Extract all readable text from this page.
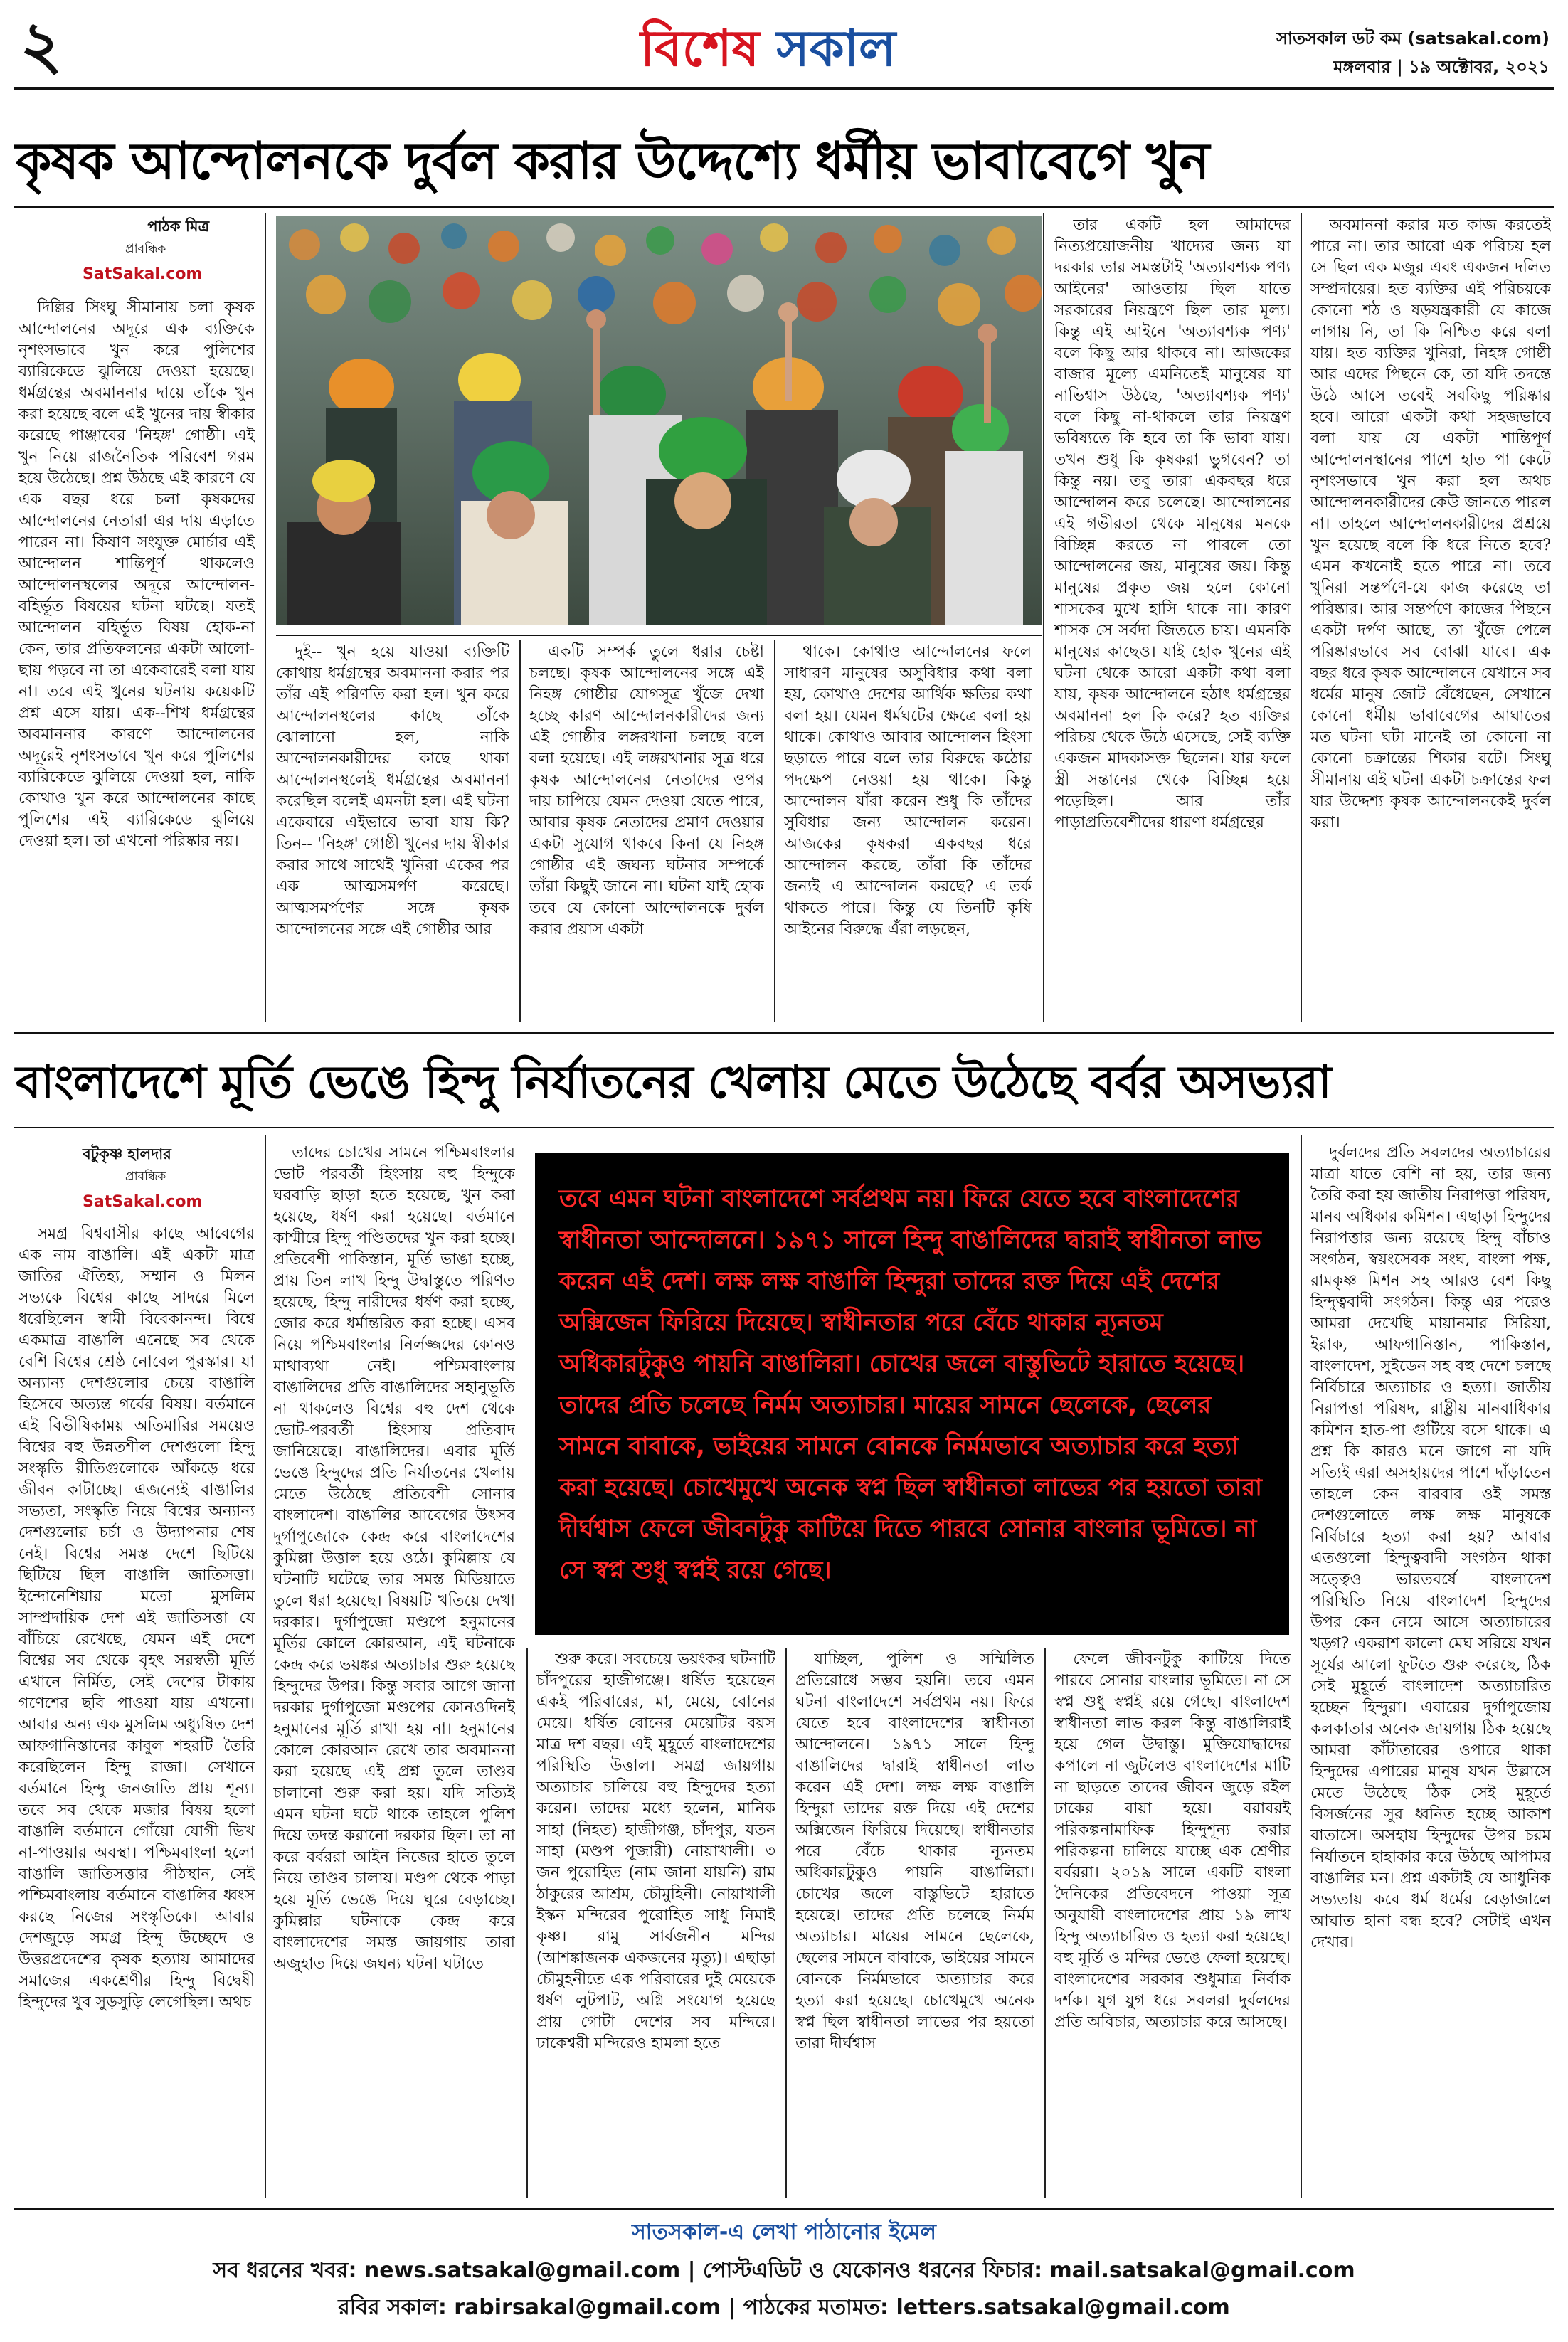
২	বিশেষ সকাল	সাতসকাল ডট কম (satsakal.com)
মঙ্গলবার | ১৯ অক্টোবর, ২০২১
কৃষক আন্দোলনকে দুর্বল করার উদ্দেশ্যে ধর্মীয় ভাবাবেগে খুন
পাঠক মিত্র
প্রাবন্ধিক
SatSakal.com

দিল্লির সিংঘু সীমানায় চলা কৃষক আন্দোলনের অদূরে এক ব্যক্তিকে নৃশংসভাবে খুন করে পুলিশের ব্যারিকেডে ঝুলিয়ে দেওয়া হয়েছে। ধর্মগ্রন্থের অবমাননার দায়ে তাঁকে খুন করা হয়েছে বলে এই খুনের দায় স্বীকার করেছে পাঞ্জাবের 'নিহঙ্গ' গোষ্ঠী। এই খুন নিয়ে রাজনৈতিক পরিবেশ গরম হয়ে উঠেছে। প্রশ্ন উঠছে এই কারণে যে এক বছর ধরে চলা কৃষকদের আন্দোলনের নেতারা এর দায় এড়াতে পারেন না। কিষাণ সংযুক্ত মোর্চার এই আন্দোলন শান্তিপূর্ণ থাকলেও আন্দোলনস্থলের অদূরে আন্দোলন-বহির্ভূত বিষয়ের ঘটনা ঘটছে। যতই আন্দোলন বহির্ভূত বিষয় হোক-না কেন, তার প্রতিফলনের একটা আলো-ছায় পড়বে না তা একেবারেই বলা যায় না। তবে এই খুনের ঘটনায় কয়েকটি প্রশ্ন এসে যায়। এক--শিখ ধর্মগ্রন্থের অবমাননার কারণে আন্দোলনের অদূরেই নৃশংসভাবে খুন করে পুলিশের ব্যারিকেডে ঝুলিয়ে দেওয়া হল, নাকি কোথাও খুন করে আন্দোলনের কাছে পুলিশের এই ব্যারিকেডে ঝুলিয়ে দেওয়া হল। তা এখনো পরিষ্কার নয়।

দুই-- খুন হয়ে যাওয়া ব্যক্তিটি কোথায় ধর্মগ্রন্থের অবমাননা করার পর তাঁর এই পরিণতি করা হল। খুন করে আন্দোলনস্থলের কাছে তাঁকে ঝোলানো হল, নাকি আন্দোলনকারীদের কাছে থাকা আন্দোলনস্থলেই ধর্মগ্রন্থের অবমাননা করেছিল বলেই এমনটা হল। এই ঘটনা একেবারে এইভাবে ভাবা যায় কি? তিন-- 'নিহঙ্গ' গোষ্ঠী খুনের দায় স্বীকার করার সাথে সাথেই খুনিরা একের পর এক আত্মসমর্পণ করেছে। আত্মসমর্পণের সঙ্গে কৃষক আন্দোলনের সঙ্গে এই গোষ্ঠীর আর

একটি সম্পর্ক তুলে ধরার চেষ্টা চলছে। কৃষক আন্দোলনের সঙ্গে এই নিহঙ্গ গোষ্ঠীর যোগসূত্র খুঁজে দেখা হচ্ছে কারণ আন্দোলনকারীদের জন্য এই গোষ্ঠীর লঙ্গরখানা চলছে বলে বলা হয়েছে। এই লঙ্গরখানার সূত্র ধরে কৃষক আন্দোলনের নেতাদের ওপর দায় চাপিয়ে যেমন দেওয়া যেতে পারে, আবার কৃষক নেতাদের প্রমাণ দেওয়ার একটা সুযোগ থাকবে কিনা যে নিহঙ্গ গোষ্ঠীর এই জঘন্য ঘটনার সম্পর্কে তাঁরা কিছুই জানে না। ঘটনা যাই হোক তবে যে কোনো আন্দোলনকে দুর্বল করার প্রয়াস একটা

থাকে। কোথাও আন্দোলনের ফলে সাধারণ মানুষের অসুবিধার কথা বলা হয়, কোথাও দেশের আর্থিক ক্ষতির কথা বলা হয়। যেমন ধর্মঘটের ক্ষেত্রে বলা হয় থাকে। কোথাও আবার আন্দোলন হিংসা ছড়াতে পারে বলে তার বিরুদ্ধে কঠোর পদক্ষেপ নেওয়া হয় থাকে। কিন্তু আন্দোলন যাঁরা করেন শুধু কি তাঁদের সুবিধার জন্য আন্দোলন করেন। আজকের কৃষকরা একবছর ধরে আন্দোলন করছে, তাঁরা কি তাঁদের জন্যই এ আন্দোলন করছে? এ তর্ক থাকতে পারে। কিন্তু যে তিনটি কৃষি আইনের বিরুদ্ধে এঁরা লড়ছেন,

তার একটি হল আমাদের নিত্যপ্রয়োজনীয় খাদ্যের জন্য যা দরকার তার সমস্তটাই 'অত্যাবশ্যক পণ্য আইনের' আওতায় ছিল যাতে সরকারের নিয়ন্ত্রণে ছিল তার মূল্য। কিন্তু এই আইনে 'অত্যাবশ্যক পণ্য' বলে কিছু আর থাকবে না। আজকের বাজার মূল্যে এমনিতেই মানুষের যা নাভিশ্বাস উঠছে, 'অত্যাবশ্যক পণ্য' বলে কিছু না-থাকলে তার নিয়ন্ত্রণ ভবিষ্যতে কি হবে তা কি ভাবা যায়। তখন শুধু কি কৃষকরা ভুগবেন? তা কিন্তু নয়। তবু তারা একবছর ধরে আন্দোলন করে চলেছে। আন্দোলনের এই গভীরতা থেকে মানুষের মনকে বিচ্ছিন্ন করতে না পারলে তো আন্দোলনের জয়, মানুষের জয়। কিন্তু মানুষের প্রকৃত জয় হলে কোনো শাসকের মুখে হাসি থাকে না। কারণ শাসক সে সর্বদা জিততে চায়। এমনকি মানুষের কাছেও। যাই হোক খুনের এই ঘটনা থেকে আরো একটা কথা বলা যায়, কৃষক আন্দোলনে হঠাৎ ধর্মগ্রন্থের অবমাননা হল কি করে? হত ব্যক্তির পরিচয় থেকে উঠে এসেছে, সেই ব্যক্তি একজন মাদকাসক্ত ছিলেন। যার ফলে স্ত্রী সন্তানের থেকে বিচ্ছিন্ন হয়ে পড়েছিল। আর তাঁর পাড়াপ্রতিবেশীদের ধারণা ধর্মগ্রন্থের

অবমাননা করার মত কাজ করতেই পারে না। তার আরো এক পরিচয় হল সে ছিল এক মজুর এবং একজন দলিত সম্প্রদায়ের। হত ব্যক্তির এই পরিচয়কে কোনো শঠ ও ষড়যন্ত্রকারী যে কাজে লাগায় নি, তা কি নিশ্চিত করে বলা যায়। হত ব্যক্তির খুনিরা, নিহঙ্গ গোষ্ঠী আর এদের পিছনে কে, তা যদি তদন্তে উঠে আসে তবেই সবকিছু পরিষ্কার হবে। আরো একটা কথা সহজভাবে বলা যায় যে একটা শান্তিপূর্ণ আন্দোলনস্থানের পাশে হাত পা কেটে নৃশংসভাবে খুন করা হল অথচ আন্দোলনকারীদের কেউ জানতে পারল না। তাহলে আন্দোলনকারীদের প্রশ্রয়ে খুন হয়েছে বলে কি ধরে নিতে হবে? এমন কখনোই হতে পারে না। তবে খুনিরা সন্তর্পণে-যে কাজ করেছে তা পরিষ্কার। আর সন্তর্পণে কাজের পিছনে একটা দর্পণ আছে, তা খুঁজে পেলে পরিষ্কারভাবে সব বোঝা যাবে। এক বছর ধরে কৃষক আন্দোলনে যেখানে সব ধর্মের মানুষ জোট বেঁধেছেন, সেখানে কোনো ধর্মীয় ভাবাবেগের আঘাতের মত ঘটনা ঘটা মানেই তা কোনো না কোনো চক্রান্তের শিকার বটে। সিংঘু সীমানায় এই ঘটনা একটা চক্রান্তের ফল যার উদ্দেশ্য কৃষক আন্দোলনকেই দুর্বল করা।

বাংলাদেশে মূর্তি ভেঙে হিন্দু নির্যাতনের খেলায় মেতে উঠেছে বর্বর অসভ্যরা
বটুকৃষ্ণ হালদার
প্রাবন্ধিক
SatSakal.com

সমগ্র বিশ্ববাসীর কাছে আবেগের এক নাম বাঙালি। এই একটা মাত্র জাতির ঐতিহ্য, সম্মান ও মিলন সভ্যকে বিশ্বের কাছে সাদরে মিলে ধরেছিলেন স্বামী বিবেকানন্দ। বিশ্বে একমাত্র বাঙালি এনেছে সব থেকে বেশি বিশ্বের শ্রেষ্ঠ নোবেল পুরস্কার। যা অন্যান্য দেশগুলোর চেয়ে বাঙালি হিসেবে অত্যন্ত গর্বের বিষয়। বর্তমানে এই বিভীষিকাময় অতিমারির সময়েও বিশ্বের বহু উন্নতশীল দেশগুলো হিন্দু সংস্কৃতি রীতিগুলোকে আঁকড়ে ধরে জীবন কাটাচ্ছে। এজন্যেই বাঙালির সভ্যতা, সংস্কৃতি নিয়ে বিশ্বের অন্যান্য দেশগুলোর চর্চা ও উদ্যাপনার শেষ নেই। বিশ্বের সমস্ত দেশে ছিটিয়ে ছিটিয়ে ছিল বাঙালি জাতিসত্তা। ইন্দোনেশিয়ার মতো মুসলিম সাম্প্রদায়িক দেশ এই জাতিসত্তা যে বাঁচিয়ে রেখেছে, যেমন এই দেশে বিশ্বের সব থেকে বৃহৎ সরস্বতী মূর্তি এখানে নির্মিত, সেই দেশের টাকায় গণেশের ছবি পাওয়া যায় এখনো। আবার অন্য এক মুসলিম অধ্যুষিত দেশ আফগানিস্তানের কাবুল শহরটি তৈরি করেছিলেন হিন্দু রাজা। সেখানে বর্তমানে হিন্দু জনজাতি প্রায় শূন্য। তবে সব থেকে মজার বিষয় হলো বাঙালি বর্তমানে গোঁয়ো যোগী ভিখ না-পাওয়ার অবস্থা। পশ্চিমবাংলা হলো বাঙালি জাতিসত্তার পীঠস্থান, সেই পশ্চিমবাংলায় বর্তমানে বাঙালির ধ্বংস করছে নিজের সংস্কৃতিকে। আবার দেশজুড়ে সমগ্র হিন্দু উচ্ছেদে ও উত্তরপ্রদেশের কৃষক হত্যায় আমাদের সমাজের একশ্রেণীর হিন্দু বিদ্বেষী হিন্দুদের খুব সুড়সুড়ি লেগেছিল। অথচ

তাদের চোখের সামনে পশ্চিমবাংলার ভোট পরবর্তী হিংসায় বহু হিন্দুকে ঘরবাড়ি ছাড়া হতে হয়েছে, খুন করা হয়েছে, ধর্ষণ করা হয়েছে। বর্তমানে কাশ্মীরে হিন্দু পণ্ডিতদের খুন করা হচ্ছে। প্রতিবেশী পাকিস্তান, মূর্তি ভাঙা হচ্ছে, প্রায় তিন লাখ হিন্দু উদ্বাস্তুতে পরিণত হয়েছে, হিন্দু নারীদের ধর্ষণ করা হচ্ছে, জোর করে ধর্মান্তরিত করা হচ্ছে। এসব নিয়ে পশ্চিমবাংলার নির্লজ্জদের কোনও মাথাব্যথা নেই। পশ্চিমবাংলায় বাঙালিদের প্রতি বাঙালিদের সহানুভূতি না থাকলেও বিশ্বের বহু দেশ থেকে ভোট-পরবর্তী হিংসায় প্রতিবাদ জানিয়েছে। বাঙালিদের। এবার মূর্তি ভেঙে হিন্দুদের প্রতি নির্যাতনের খেলায় মেতে উঠেছে প্রতিবেশী সোনার বাংলাদেশ। বাঙালির আবেগের উৎসব দুর্গাপুজোকে কেন্দ্র করে বাংলাদেশের কুমিল্লা উত্তাল হয়ে ওঠে। কুমিল্লায় যে ঘটনাটি ঘটেছে তার সমস্ত মিডিয়াতে তুলে ধরা হয়েছে। বিষয়টি খতিয়ে দেখা দরকার। দুর্গাপুজো মণ্ডপে হনুমানের মূর্তির কোলে কোরআন, এই ঘটনাকে কেন্দ্র করে ভয়ঙ্কর অত্যাচার শুরু হয়েছে হিন্দুদের উপর। কিন্তু সবার আগে জানা দরকার দুর্গাপুজো মণ্ডপের কোনওদিনই হনুমানের মূর্তি রাখা হয় না। হনুমানের কোলে কোরআন রেখে তার অবমাননা করা হয়েছে এই প্রশ্ন তুলে তাণ্ডব চালানো শুরু করা হয়। যদি সত্যিই এমন ঘটনা ঘটে থাকে তাহলে পুলিশ দিয়ে তদন্ত করানো দরকার ছিল। তা না করে বর্বররা আইন নিজের হাতে তুলে নিয়ে তাণ্ডব চালায়। মণ্ডপ থেকে পাড়া হয়ে মূর্তি ভেঙে দিয়ে ঘুরে বেড়াচ্ছে। কুমিল্লার ঘটনাকে কেন্দ্র করে বাংলাদেশের সমস্ত জায়গায় তারা অজুহাত দিয়ে জঘন্য ঘটনা ঘটাতে

তবে এমন ঘটনা বাংলাদেশে সর্বপ্রথম নয়। ফিরে যেতে হবে বাংলাদেশের স্বাধীনতা আন্দোলনে। ১৯৭১ সালে হিন্দু বাঙালিদের দ্বারাই স্বাধীনতা লাভ করেন এই দেশ। লক্ষ লক্ষ বাঙালি হিন্দুরা তাদের রক্ত দিয়ে এই দেশের অক্সিজেন ফিরিয়ে দিয়েছে। স্বাধীনতার পরে বেঁচে থাকার ন্যূনতম অধিকারটুকুও পায়নি বাঙালিরা। চোখের জলে বাস্তুভিটে হারাতে হয়েছে। তাদের প্রতি চলেছে নির্মম অত্যাচার। মায়ের সামনে ছেলেকে, ছেলের সামনে বাবাকে, ভাইয়ের সামনে বোনকে নির্মমভাবে অত্যাচার করে হত্যা করা হয়েছে। চোখেমুখে অনেক স্বপ্ন ছিল স্বাধীনতা লাভের পর হয়তো তারা দীর্ঘশ্বাস ফেলে জীবনটুকু কাটিয়ে দিতে পারবে সোনার বাংলার ভূমিতে। না সে স্বপ্ন শুধু স্বপ্নই রয়ে গেছে।

শুরু করে। সবচেয়ে ভয়ংকর ঘটনাটি চাঁদপুরের হাজীগঞ্জে। ধর্ষিত হয়েছেন একই পরিবারের, মা, মেয়ে, বোনের মেয়ে। ধর্ষিত বোনের মেয়েটির বয়স মাত্র দশ বছর। এই মুহূর্তে বাংলাদেশের পরিস্থিতি উত্তাল। সমগ্র জায়গায় অত্যাচার চালিয়ে বহু হিন্দুদের হত্যা করেন। তাদের মধ্যে হলেন, মানিক সাহা (নিহত) হাজীগঞ্জ, চাঁদপুর, যতন সাহা (মণ্ডপ পূজারী) নোয়াখালী। ৩ জন পুরোহিত (নাম জানা যায়নি) রাম ঠাকুরের আশ্রম, চৌমুহিনী। নোয়াখালী ইস্কন মন্দিরের পুরোহিত সাধু নিমাই কৃষ্ণ। রামু সার্বজনীন মন্দির (আশঙ্কাজনক একজনের মৃত্যু)। এছাড়া চৌমুহনীতে এক পরিবারের দুই মেয়েকে ধর্ষণ লুটপাট, অগ্নি সংযোগ হয়েছে প্রায় গোটা দেশের সব মন্দিরে। ঢাকেশ্বরী মন্দিরেও হামলা হতে

যাচ্ছিল, পুলিশ ও সম্মিলিত প্রতিরোধে সম্ভব হয়নি। তবে এমন ঘটনা বাংলাদেশে সর্বপ্রথম নয়। ফিরে যেতে হবে বাংলাদেশের স্বাধীনতা আন্দোলনে। ১৯৭১ সালে হিন্দু বাঙালিদের দ্বারাই স্বাধীনতা লাভ করেন এই দেশ। লক্ষ লক্ষ বাঙালি হিন্দুরা তাদের রক্ত দিয়ে এই দেশের অক্সিজেন ফিরিয়ে দিয়েছে। স্বাধীনতার পরে বেঁচে থাকার ন্যূনতম অধিকারটুকুও পায়নি বাঙালিরা। চোখের জলে বাস্তুভিটে হারাতে হয়েছে। তাদের প্রতি চলেছে নির্মম অত্যাচার। মায়ের সামনে ছেলেকে, ছেলের সামনে বাবাকে, ভাইয়ের সামনে বোনকে নির্মমভাবে অত্যাচার করে হত্যা করা হয়েছে। চোখেমুখে অনেক স্বপ্ন ছিল স্বাধীনতা লাভের পর হয়তো তারা দীর্ঘশ্বাস

ফেলে জীবনটুকু কাটিয়ে দিতে পারবে সোনার বাংলার ভূমিতে। না সে স্বপ্ন শুধু স্বপ্নই রয়ে গেছে। বাংলাদেশ স্বাধীনতা লাভ করল কিন্তু বাঙালিরাই হয়ে গেল উদ্বাস্তু। মুক্তিযোদ্ধাদের কপালে না জুটলেও বাংলাদেশের মাটি না ছাড়তে তাদের জীবন জুড়ে রইল ঢাকের বায়া হয়ে। বরাবরই পরিকল্পনামাফিক হিন্দুশূন্য করার পরিকল্পনা চালিয়ে যাচ্ছে এক শ্রেণীর বর্বররা। ২০১৯ সালে একটি বাংলা দৈনিকের প্রতিবেদনে পাওয়া সূত্র অনুযায়ী বাংলাদেশের প্রায় ১৯ লাখ হিন্দু অত্যাচারিত ও হত্যা করা হয়েছে। বহু মূর্তি ও মন্দির ভেঙে ফেলা হয়েছে। বাংলাদেশের সরকার শুধুমাত্র নির্বাক দর্শক। যুগ যুগ ধরে সবলরা দুর্বলদের প্রতি অবিচার, অত্যাচার করে আসছে।

দুর্বলদের প্রতি সবলদের অত্যাচারের মাত্রা যাতে বেশি না হয়, তার জন্য তৈরি করা হয় জাতীয় নিরাপত্তা পরিষদ, মানব অধিকার কমিশন। এছাড়া হিন্দুদের নিরাপত্তার জন্য রয়েছে হিন্দু বাঁচাও সংগঠন, স্বয়ংসেবক সংঘ, বাংলা পক্ষ, রামকৃষ্ণ মিশন সহ আরও বেশ কিছু হিন্দুত্ববাদী সংগঠন। কিন্তু এর পরেও আমরা দেখেছি মায়ানমার সিরিয়া, ইরাক, আফগানিস্তান, পাকিস্তান, বাংলাদেশ, সুইডেন সহ বহু দেশে চলছে নির্বিচারে অত্যাচার ও হত্যা। জাতীয় নিরাপত্তা পরিষদ, রাষ্ট্রীয় মানবাধিকার কমিশন হাত-পা গুটিয়ে বসে থাকে। এ প্রশ্ন কি কারও মনে জাগে না যদি সত্যিই এরা অসহায়দের পাশে দাঁড়াতেন তাহলে কেন বারবার ওই সমস্ত দেশগুলোতে লক্ষ লক্ষ মানুষকে নির্বিচারে হত্যা করা হয়? আবার এতগুলো হিন্দুত্ববাদী সংগঠন থাকা সত্ত্বেও ভারতবর্ষে বাংলাদেশ পরিস্থিতি নিয়ে বাংলাদেশ হিন্দুদের উপর কেন নেমে আসে অত্যাচারের খড়্গ? একরাশ কালো মেঘ সরিয়ে যখন সূর্যের আলো ফুটতে শুরু করেছে, ঠিক সেই মুহূর্তে বাংলাদেশ অত্যাচারিত হচ্ছেন হিন্দুরা। এবারের দুর্গাপুজোয় কলকাতার অনেক জায়গায় ঠিক হয়েছে আমরা কাঁটাতারের ওপারে থাকা হিন্দুদের এপারের মানুষ যখন উল্লাসে মেতে উঠেছে ঠিক সেই মুহূর্তে বিসর্জনের সুর ধ্বনিত হচ্ছে আকাশ বাতাসে। অসহায় হিন্দুদের উপর চরম নির্যাতনে হাহাকার করে উঠছে আপামর বাঙালির মন। প্রশ্ন একটাই যে আধুনিক সভ্যতায় কবে ধর্ম ধর্মের বেড়াজালে আঘাত হানা বন্ধ হবে? সেটাই এখন দেখার।

সাতসকাল-এ লেখা পাঠানোর ইমেল
সব ধরনের খবর: news.satsakal@gmail.com | পোস্টএডিট ও যেকোনও ধরনের ফিচার: mail.satsakal@gmail.com
রবির সকাল: rabirsakal@gmail.com | পাঠকের মতামত: letters.satsakal@gmail.com
